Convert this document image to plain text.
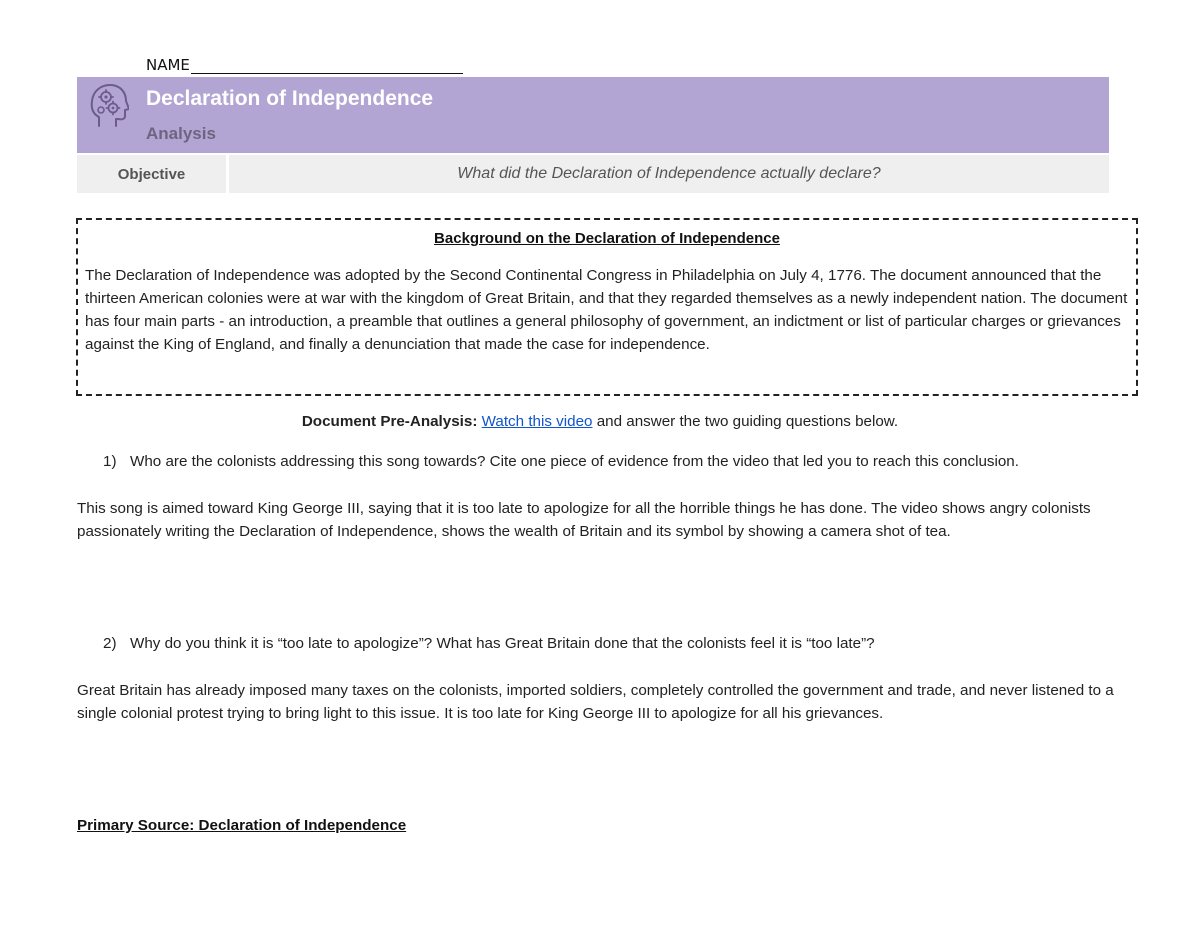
NAME
Declaration of Independence
Analysis
Objective	What did the Declaration of Independence actually declare?
Background on the Declaration of Independence

The Declaration of Independence was adopted by the Second Continental Congress in Philadelphia on July 4, 1776. The document announced that the thirteen American colonies were at war with the kingdom of Great Britain, and that they regarded themselves as a newly independent nation. The document has four main parts - an introduction, a preamble that outlines a general philosophy of government, an indictment or list of particular charges or grievances against the King of England, and finally a denunciation that made the case for independence.

Document Pre-Analysis: Watch this video and answer the two guiding questions below.
1) Who are the colonists addressing this song towards? Cite one piece of evidence from the video that led you to reach this conclusion.

This song is aimed toward King George III, saying that it is too late to apologize for all the horrible things he has done. The video shows angry colonists passionately writing the Declaration of Independence, shows the wealth of Britain and its symbol by showing a camera shot of tea.

2) Why do you think it is “too late to apologize”? What has Great Britain done that the colonists feel it is “too late”?

Great Britain has already imposed many taxes on the colonists, imported soldiers, completely controlled the government and trade, and never listened to a single colonial protest trying to bring light to this issue. It is too late for King George III to apologize for all his grievances.

Primary Source: Declaration of Independence
